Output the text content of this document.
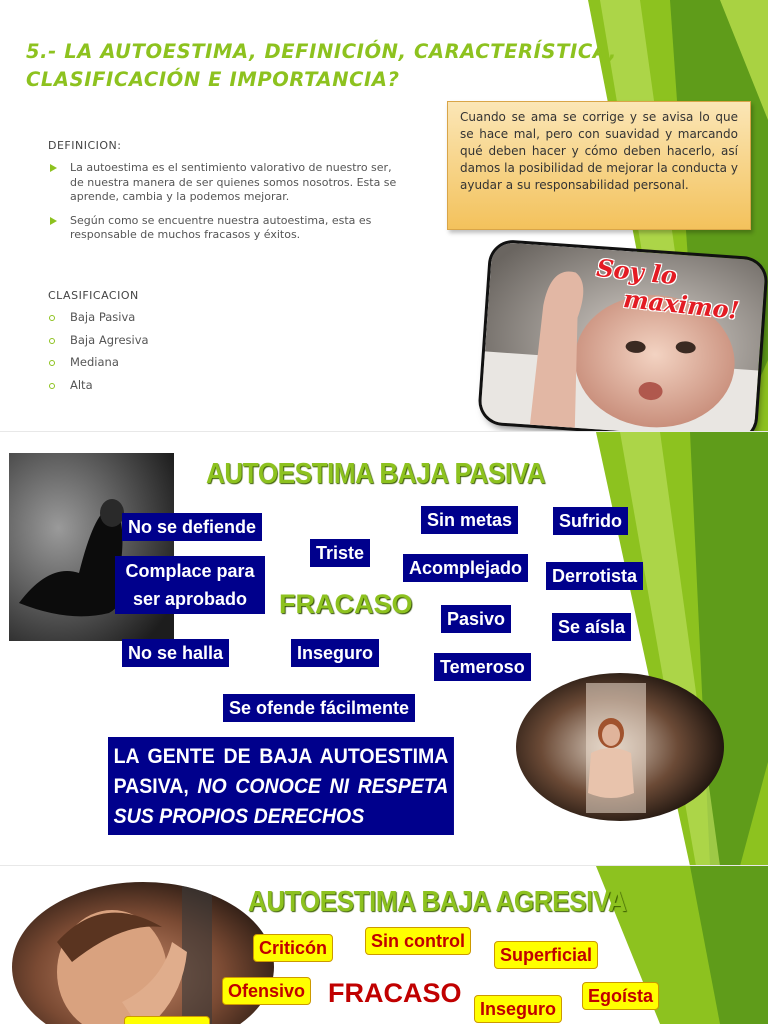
5.- LA AUTOESTIMA, DEFINICIÓN, CARACTERÍSTICA,
CLASIFICACIÓN E IMPORTANCIA?
DEFINICION:
La autoestima es el sentimiento valorativo de nuestro ser, de nuestra manera de ser quienes somos nosotros. Esta se aprende, cambia y la podemos mejorar.
Según como se encuentre nuestra autoestima, esta es responsable de muchos fracasos y éxitos.
CLASIFICACION
Baja Pasiva
Baja Agresiva
Mediana
Alta
Cuando se ama se corrige y se avisa lo que se hace mal, pero con suavidad y marcando qué deben hacer y cómo deben hacerlo, así damos la posibilidad de mejorar la conducta y ayudar a su responsabilidad personal.
Soy lo
maximo!
AUTOESTIMA BAJA PASIVA
No se defiende
Complace para ser aprobado
No se halla
Triste
Sin metas
Acomplejado
Sufrido
Derrotista
Pasivo	Se aísla
Inseguro
Temeroso
Se ofende fácilmente
FRACASO
LA GENTE DE BAJA AUTOESTIMA PASIVA, NO CONOCE NI RESPETA SUS PROPIOS DERECHOS
AUTOESTIMA BAJA AGRESIVA
Criticón	Sin control
Superficial
Ofensivo
Inseguro
Egoísta
FRACASO
